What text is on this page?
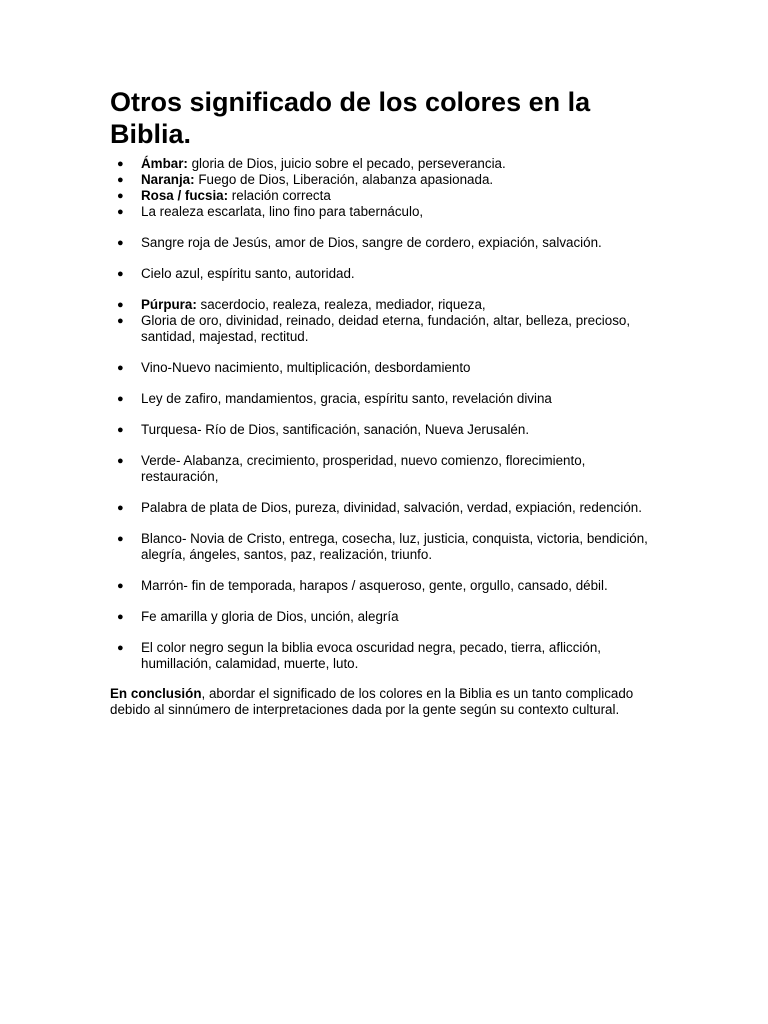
Otros significado de los colores en la Biblia.
● Ámbar: gloria de Dios, juicio sobre el pecado, perseverancia.
● Naranja: Fuego de Dios, Liberación, alabanza apasionada.
● Rosa / fucsia: relación correcta
● La realeza escarlata, lino fino para tabernáculo,
● Sangre roja de Jesús, amor de Dios, sangre de cordero, expiación, salvación.
● Cielo azul, espíritu santo, autoridad.
● Púrpura: sacerdocio, realeza, realeza, mediador, riqueza,
● Gloria de oro, divinidad, reinado, deidad eterna, fundación, altar, belleza, precioso, santidad, majestad, rectitud.
● Vino-Nuevo nacimiento, multiplicación, desbordamiento
● Ley de zafiro, mandamientos, gracia, espíritu santo, revelación divina
● Turquesa- Río de Dios, santificación, sanación, Nueva Jerusalén.
● Verde- Alabanza, crecimiento, prosperidad, nuevo comienzo, florecimiento, restauración,
● Palabra de plata de Dios, pureza, divinidad, salvación, verdad, expiación, redención.
● Blanco- Novia de Cristo, entrega, cosecha, luz, justicia, conquista, victoria, bendición, alegría, ángeles, santos, paz, realización, triunfo.
● Marrón- fin de temporada, harapos / asqueroso, gente, orgullo, cansado, débil.
● Fe amarilla y gloria de Dios, unción, alegría
● El color negro segun la biblia evoca oscuridad negra, pecado, tierra, aflicción, humillación, calamidad, muerte, luto.

En conclusión, abordar el significado de los colores en la Biblia es un tanto complicado debido al sinnúmero de interpretaciones dada por la gente según su contexto cultural.
